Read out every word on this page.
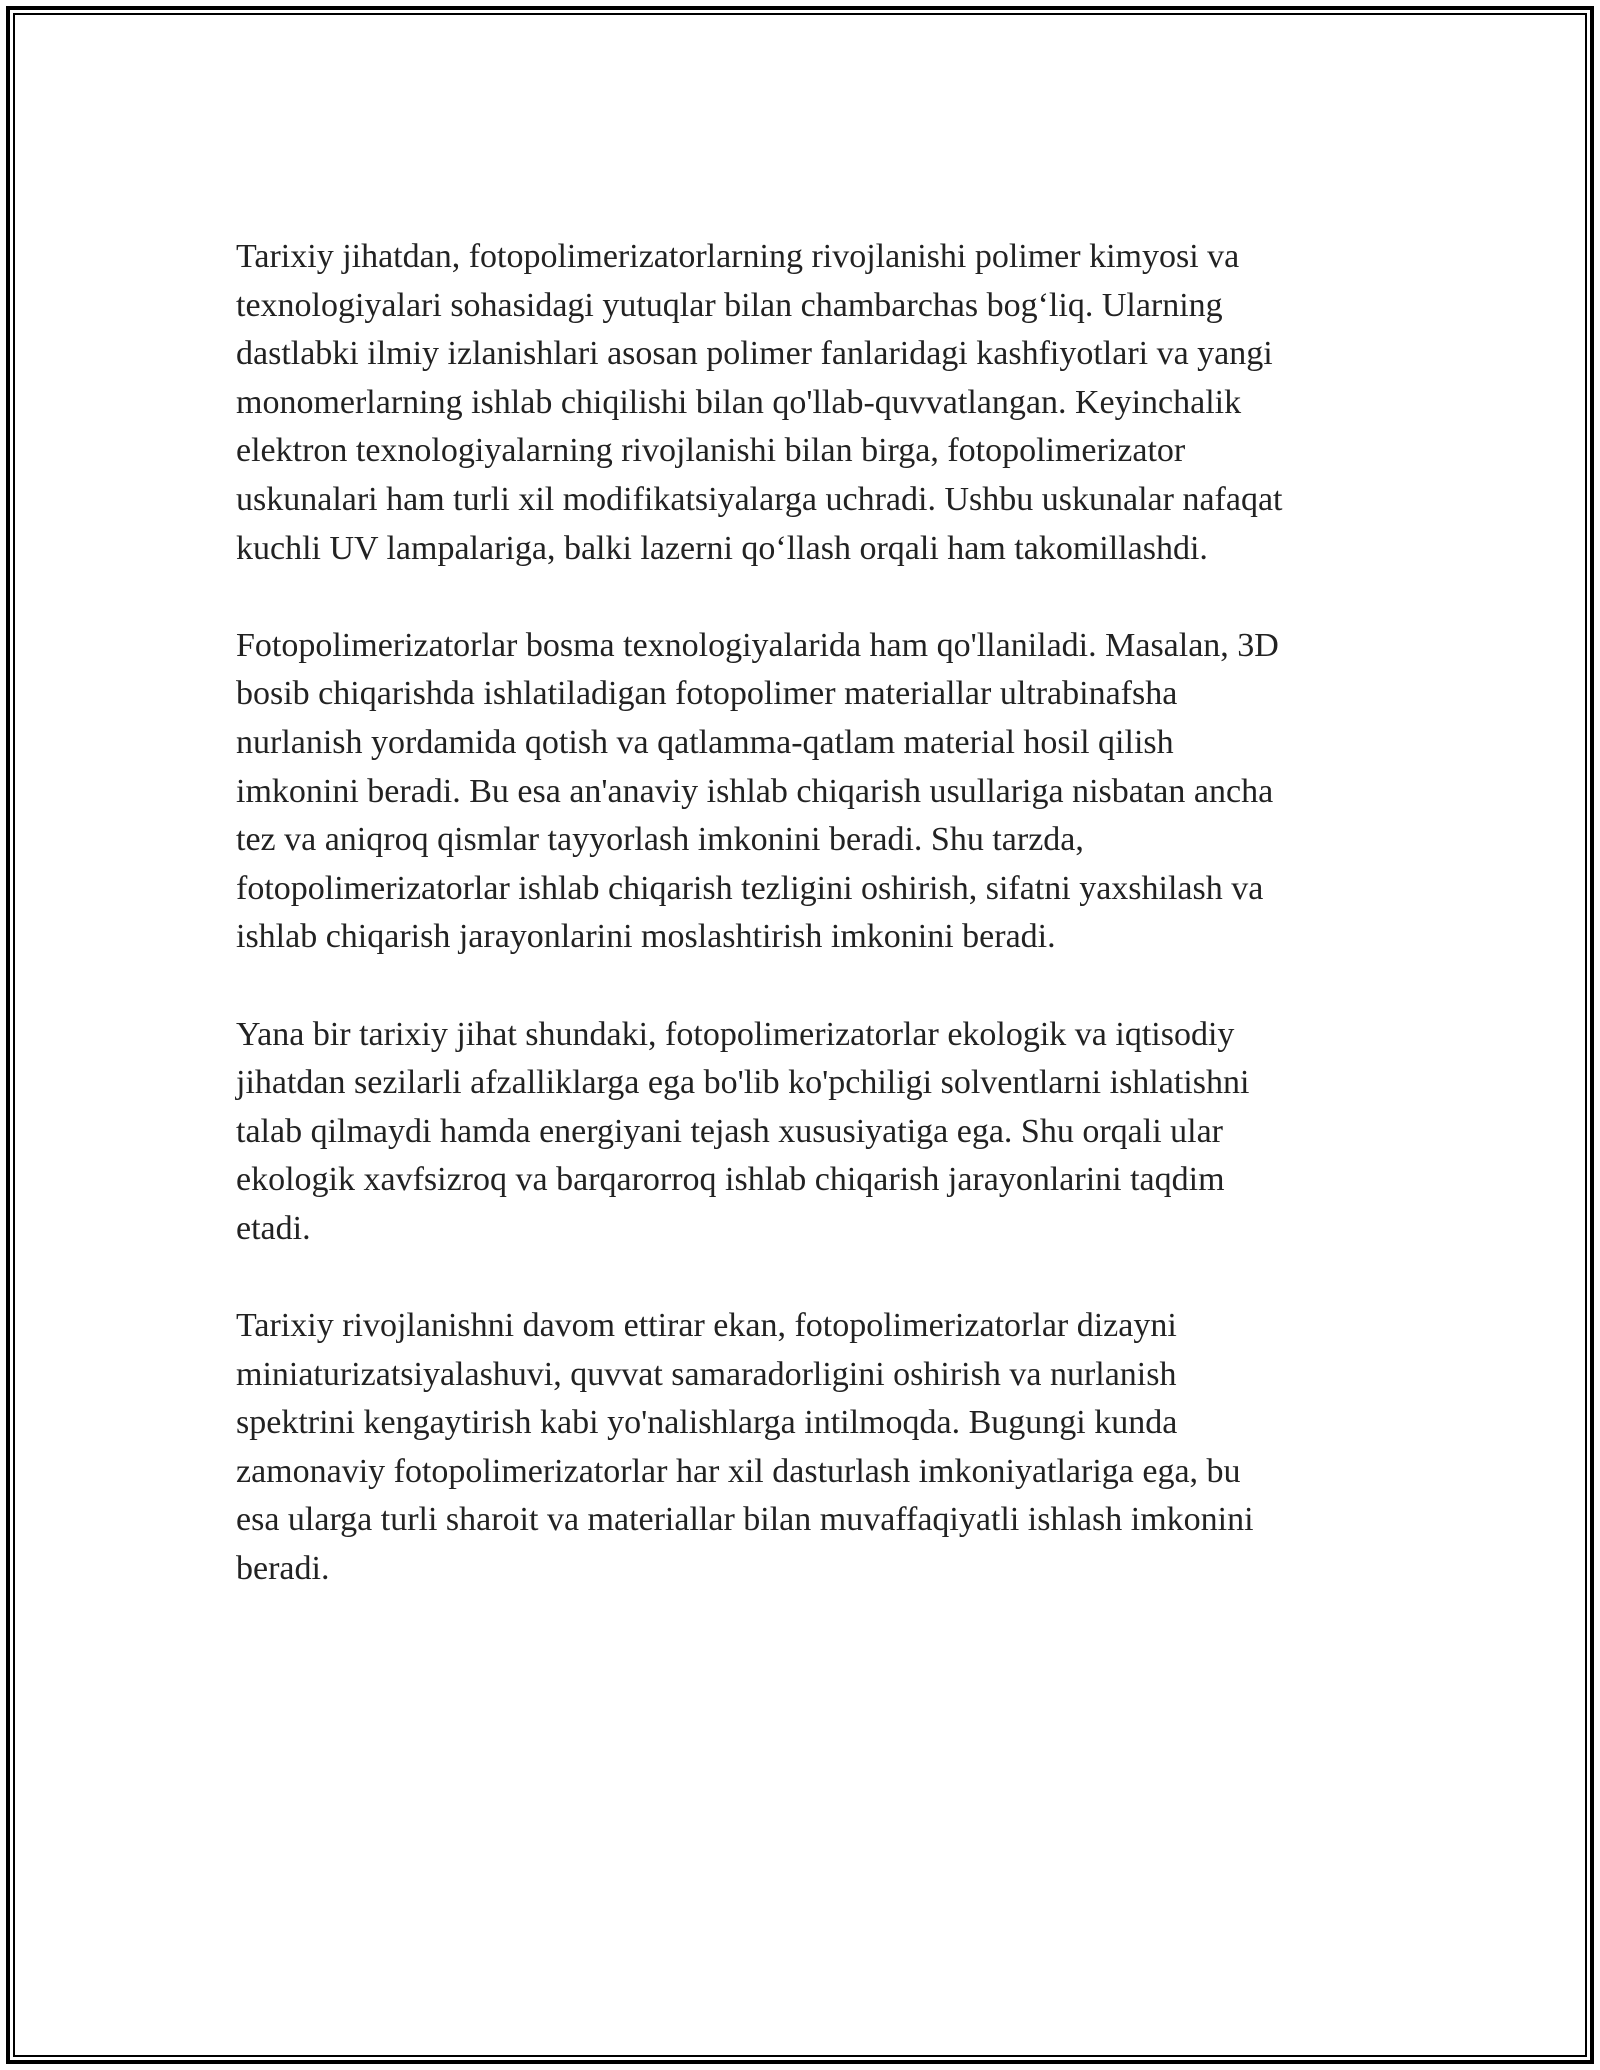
Tarixiy jihatdan, fotopolimerizatorlarning rivojlanishi polimer kimyosi va
texnologiyalari sohasidagi yutuqlar bilan chambarchas bog‘liq. Ularning
dastlabki ilmiy izlanishlari asosan polimer fanlaridagi kashfiyotlari va yangi
monomerlarning ishlab chiqilishi bilan qo'llab-quvvatlangan. Keyinchalik
elektron texnologiyalarning rivojlanishi bilan birga, fotopolimerizator
uskunalari ham turli xil modifikatsiyalarga uchradi. Ushbu uskunalar nafaqat
kuchli UV lampalariga, balki lazerni qo‘llash orqali ham takomillashdi.

Fotopolimerizatorlar bosma texnologiyalarida ham qo'llaniladi. Masalan, 3D
bosib chiqarishda ishlatiladigan fotopolimer materiallar ultrabinafsha
nurlanish yordamida qotish va qatlamma-qatlam material hosil qilish
imkonini beradi. Bu esa an'anaviy ishlab chiqarish usullariga nisbatan ancha
tez va aniqroq qismlar tayyorlash imkonini beradi. Shu tarzda,
fotopolimerizatorlar ishlab chiqarish tezligini oshirish, sifatni yaxshilash va
ishlab chiqarish jarayonlarini moslashtirish imkonini beradi.

Yana bir tarixiy jihat shundaki, fotopolimerizatorlar ekologik va iqtisodiy
jihatdan sezilarli afzalliklarga ega bo'lib ko'pchiligi solventlarni ishlatishni
talab qilmaydi hamda energiyani tejash xususiyatiga ega. Shu orqali ular
ekologik xavfsizroq va barqarorroq ishlab chiqarish jarayonlarini taqdim
etadi.

Tarixiy rivojlanishni davom ettirar ekan, fotopolimerizatorlar dizayni
miniaturizatsiyalashuvi, quvvat samaradorligini oshirish va nurlanish
spektrini kengaytirish kabi yo'nalishlarga intilmoqda. Bugungi kunda
zamonaviy fotopolimerizatorlar har xil dasturlash imkoniyatlariga ega, bu
esa ularga turli sharoit va materiallar bilan muvaffaqiyatli ishlash imkonini
beradi.
